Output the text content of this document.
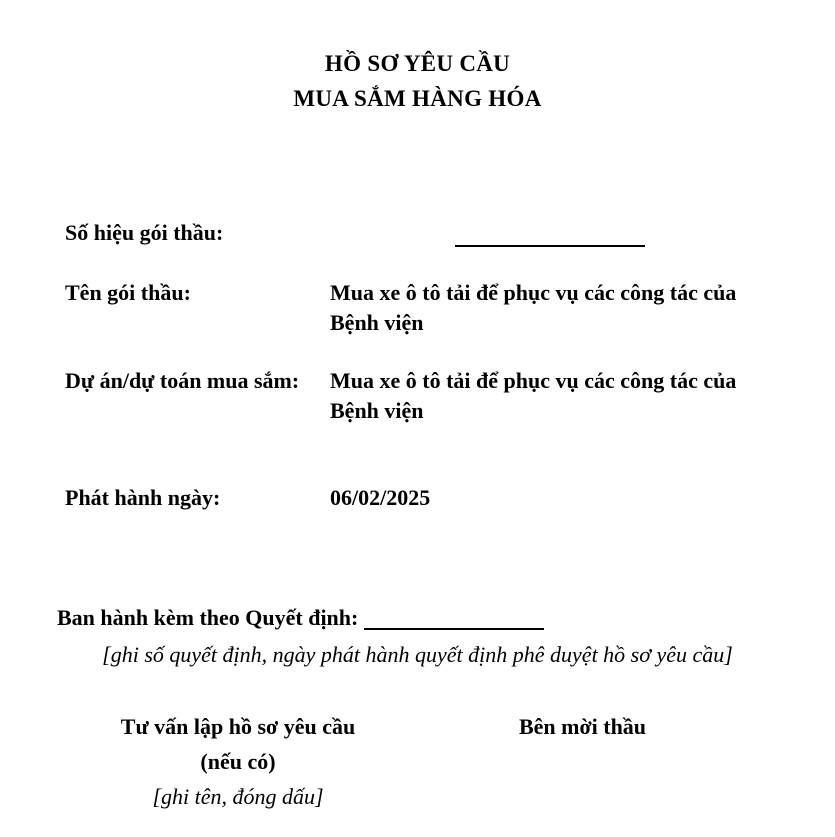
HỒ SƠ YÊU CẦU
MUA SẮM HÀNG HÓA
Số hiệu gói thầu:
Tên gói thầu:	Mua xe ô tô tải để phục vụ các công tác của Bệnh viện
Dự án/dự toán mua sắm: Mua xe ô tô tải để phục vụ các công tác của Bệnh viện
Phát hành ngày:	06/02/2025
Ban hành kèm theo Quyết định:
[ghi số quyết định, ngày phát hành quyết định phê duyệt hồ sơ yêu cầu]
Tư vấn lập hồ sơ yêu cầu
(nếu có)
[ghi tên, đóng dấu]
Bên mời thầu
